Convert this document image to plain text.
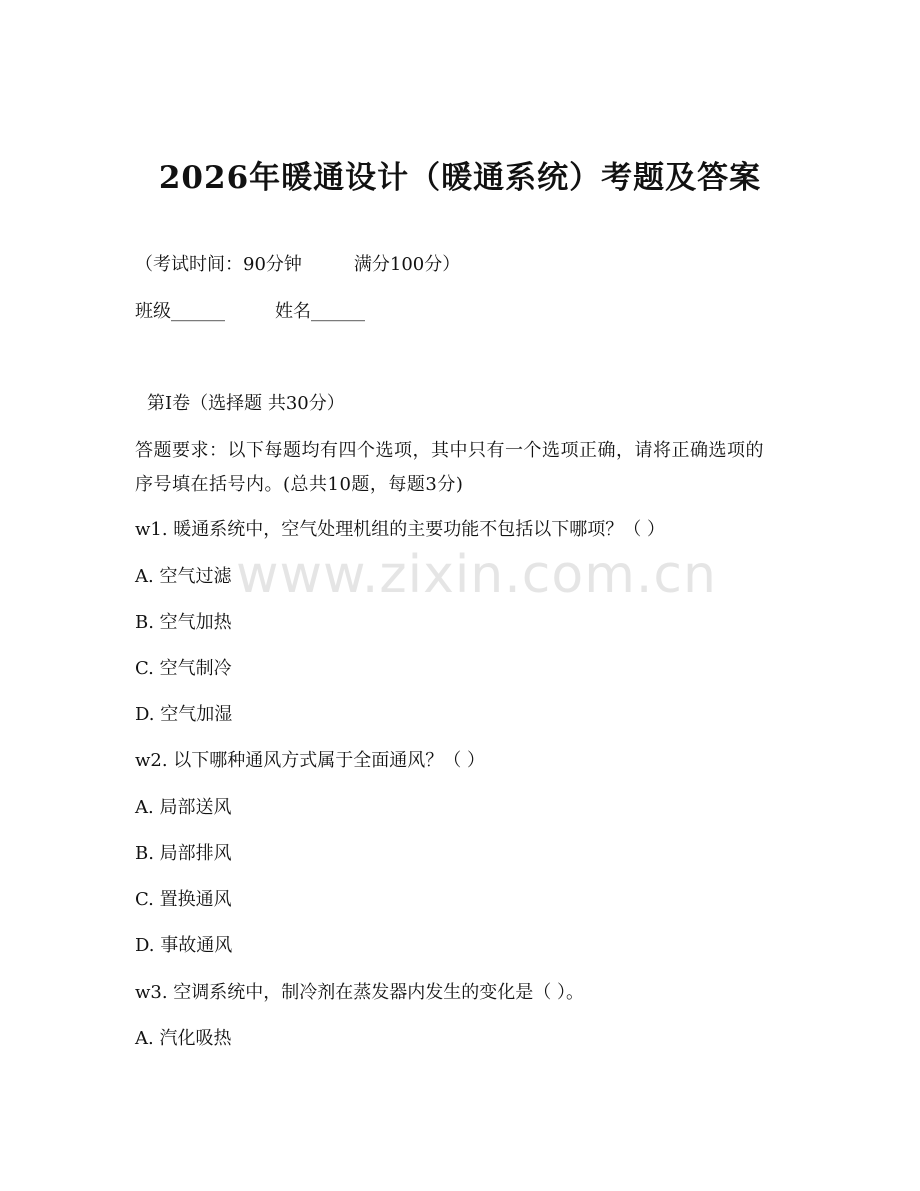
2026年暖通设计（暖通系统）考题及答案
（考试时间：90分钟	满分100分）
班级______	姓名______
第I卷（选择题 共30分）
答题要求：以下每题均有四个选项，其中只有一个选项正确，请将正确选项的序号填在括号内。(总共10题，每题3分)
w1. 暖通系统中，空气处理机组的主要功能不包括以下哪项？（ ）
A. 空气过滤
B. 空气加热
C. 空气制冷
D. 空气加湿
w2. 以下哪种通风方式属于全面通风？（ ）
A. 局部送风
B. 局部排风
C. 置换通风
D. 事故通风
w3. 空调系统中，制冷剂在蒸发器内发生的变化是（ ）。
A. 汽化吸热
www.zixin.com.cn
